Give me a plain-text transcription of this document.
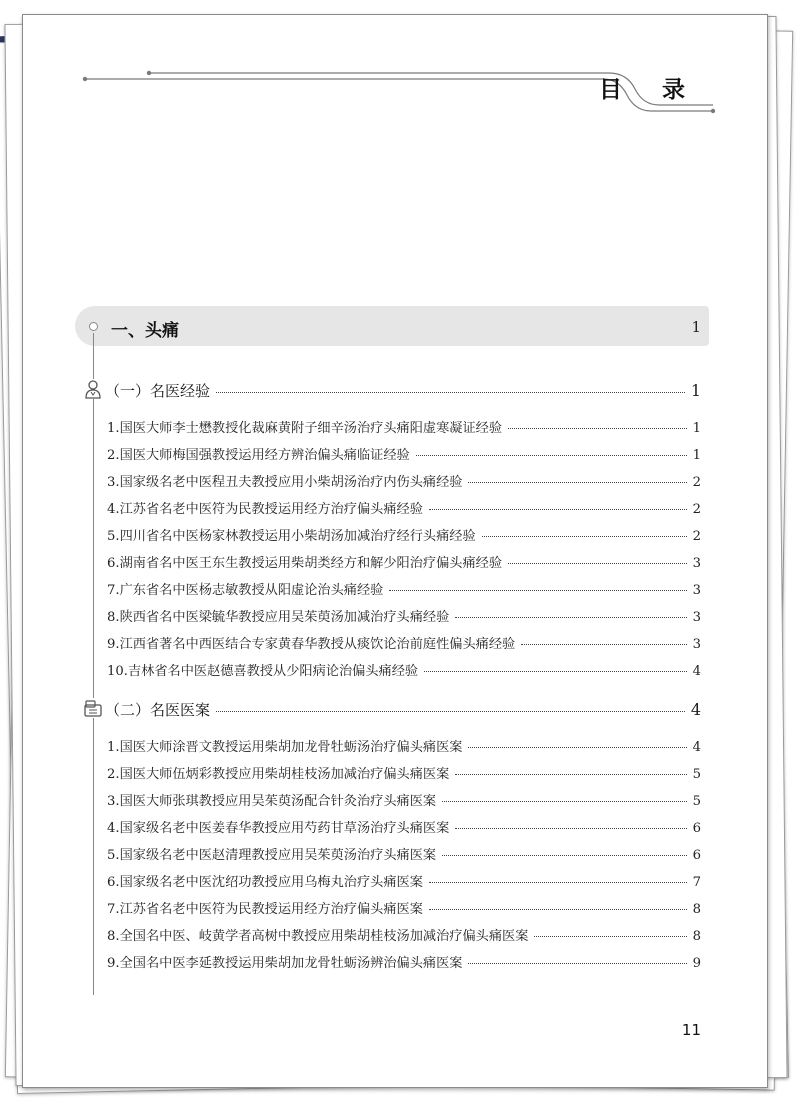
目 录
一、头痛	1
（一）名医经验	1
1.国医大师李士懋教授化裁麻黄附子细辛汤治疗头痛阳虚寒凝证经验	1
2.国医大师梅国强教授运用经方辨治偏头痛临证经验	1
3.国家级名老中医程丑夫教授应用小柴胡汤治疗内伤头痛经验	2
4.江苏省名老中医符为民教授运用经方治疗偏头痛经验	2
5.四川省名中医杨家林教授运用小柴胡汤加减治疗经行头痛经验	2
6.湖南省名中医王东生教授运用柴胡类经方和解少阳治疗偏头痛经验	3
7.广东省名中医杨志敏教授从阳虚论治头痛经验	3
8.陕西省名中医梁毓华教授应用吴茱萸汤加减治疗头痛经验	3
9.江西省著名中西医结合专家黄春华教授从痰饮论治前庭性偏头痛经验	3
10.吉林省名中医赵德喜教授从少阳病论治偏头痛经验	4
（二）名医医案	4
1.国医大师涂晋文教授运用柴胡加龙骨牡蛎汤治疗偏头痛医案	4
2.国医大师伍炳彩教授应用柴胡桂枝汤加减治疗偏头痛医案	5
3.国医大师张琪教授应用吴茱萸汤配合针灸治疗头痛医案	5
4.国家级名老中医姜春华教授应用芍药甘草汤治疗头痛医案	6
5.国家级名老中医赵清理教授应用吴茱萸汤治疗头痛医案	6
6.国家级名老中医沈绍功教授应用乌梅丸治疗头痛医案	7
7.江苏省名老中医符为民教授运用经方治疗偏头痛医案	8
8.全国名中医、岐黄学者高树中教授应用柴胡桂枝汤加减治疗偏头痛医案	8
9.全国名中医李延教授运用柴胡加龙骨牡蛎汤辨治偏头痛医案	9
11
